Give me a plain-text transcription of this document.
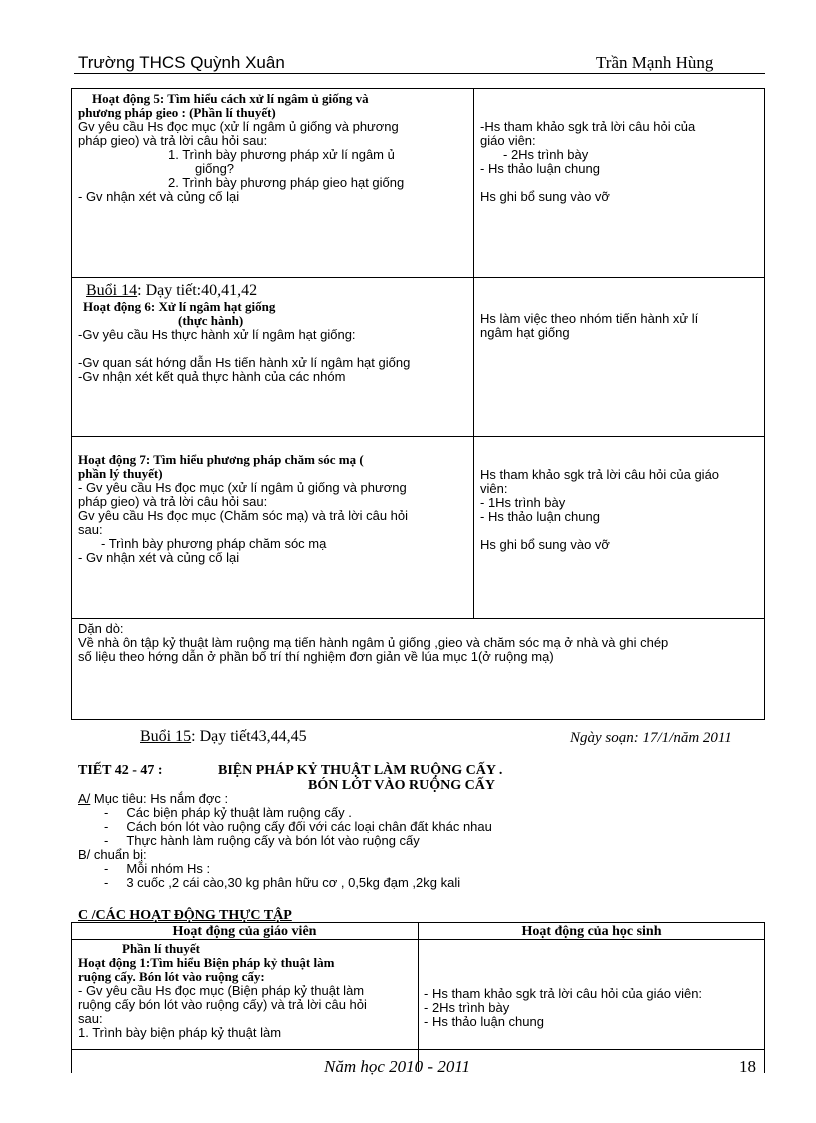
Trường THCS Quỳnh Xuân	Trần Mạnh Hùng
Hoạt động 5: Tìm hiểu cách xử lí ngâm ủ giống và
phương pháp gieo : (Phần lí thuyết)
Gv yêu cầu Hs đọc mục (xử lí ngâm ủ giống và phương
pháp gieo) và trả lời câu hỏi sau:
1. Trình bày phương pháp xử lí ngâm ủ
giống?
2. Trình bày phương pháp gieo hạt giống
- Gv nhận xét và củng cố lại
-Hs tham khảo sgk trả lời câu hỏi của
giáo viên:
- 2Hs trình bày
- Hs thảo luận chung
Hs ghi bổ sung vào vỡ
Buổi 14: Dạy tiết:40,41,42
Hoạt động 6: Xử lí ngâm hạt giống
(thực hành)
-Gv yêu cầu Hs thực hành xử lí ngâm hạt giống:
-Gv quan sát hớng dẫn Hs tiến hành xử lí ngâm hạt giống
-Gv nhận xét kết quả thực hành của các nhóm
Hs làm việc theo nhóm tiến hành xử lí
ngâm hạt giống
Hoạt động 7: Tìm hiểu phương pháp chăm sóc mạ (
phần lý thuyết)
- Gv yêu cầu Hs đọc mục (xử lí ngâm ủ giống và phương
pháp gieo) và trả lời câu hỏi sau:
Gv yêu cầu Hs đọc mục (Chăm sóc mạ) và trả lời câu hỏi
sau:
- Trình bày phương pháp chăm sóc mạ
- Gv nhận xét và củng cố lại
Hs tham khảo sgk trả lời câu hỏi của giáo
viên:
- 1Hs trình bày
- Hs thảo luận chung
Hs ghi bổ sung vào vỡ
Dặn dò:
Về nhà ôn tập kỷ thuật làm ruộng mạ tiến hành ngâm ủ giống ,gieo và chăm sóc mạ ở nhà và ghi chép
số liệu theo hớng dẫn ở phần bố trí thí nghiệm đơn giản về lúa mục 1(ở ruộng mạ)
Buổi 15: Dạy tiết43,44,45	Ngày soạn: 17/1/năm 2011
TIẾT 42 - 47 :	BIỆN PHÁP KỶ THUẬT LÀM RUỘNG CẤY .
BÓN LÓT VÀO RUỘNG CẤY
A/ Mục tiêu: Hs nắm đợc :
- Các biện pháp kỷ thuật làm ruộng cấy .
- Cách bón lót vào ruộng cấy đối với các loại chân đất khác nhau
- Thực hành làm ruộng cấy và bón lót vào ruộng cấy
B/ chuẩn bị:
- Mỗi nhóm Hs :
- 3 cuốc ,2 cái cào,30 kg phân hữu cơ , 0,5kg đạm ,2kg kali
C /CÁC HOẠT ĐỘNG THỰC TẬP
Hoạt động của giáo viên	Hoạt động của học sinh
Phần lí thuyết
Hoạt động 1:Tìm hiểu Biện pháp kỷ thuật làm
ruộng cấy. Bón lót vào ruộng cấy:
- Gv yêu cầu Hs đọc mục (Biện pháp kỷ thuật làm
ruộng cấy bón lót vào ruộng cấy) và trả lời câu hỏi
sau:
1. Trình bày biện pháp kỷ thuật làm
- Hs tham khảo sgk trả lời câu hỏi của giáo viên:
- 2Hs trình bày
- Hs thảo luận chung
Năm học 2010 - 2011	18
